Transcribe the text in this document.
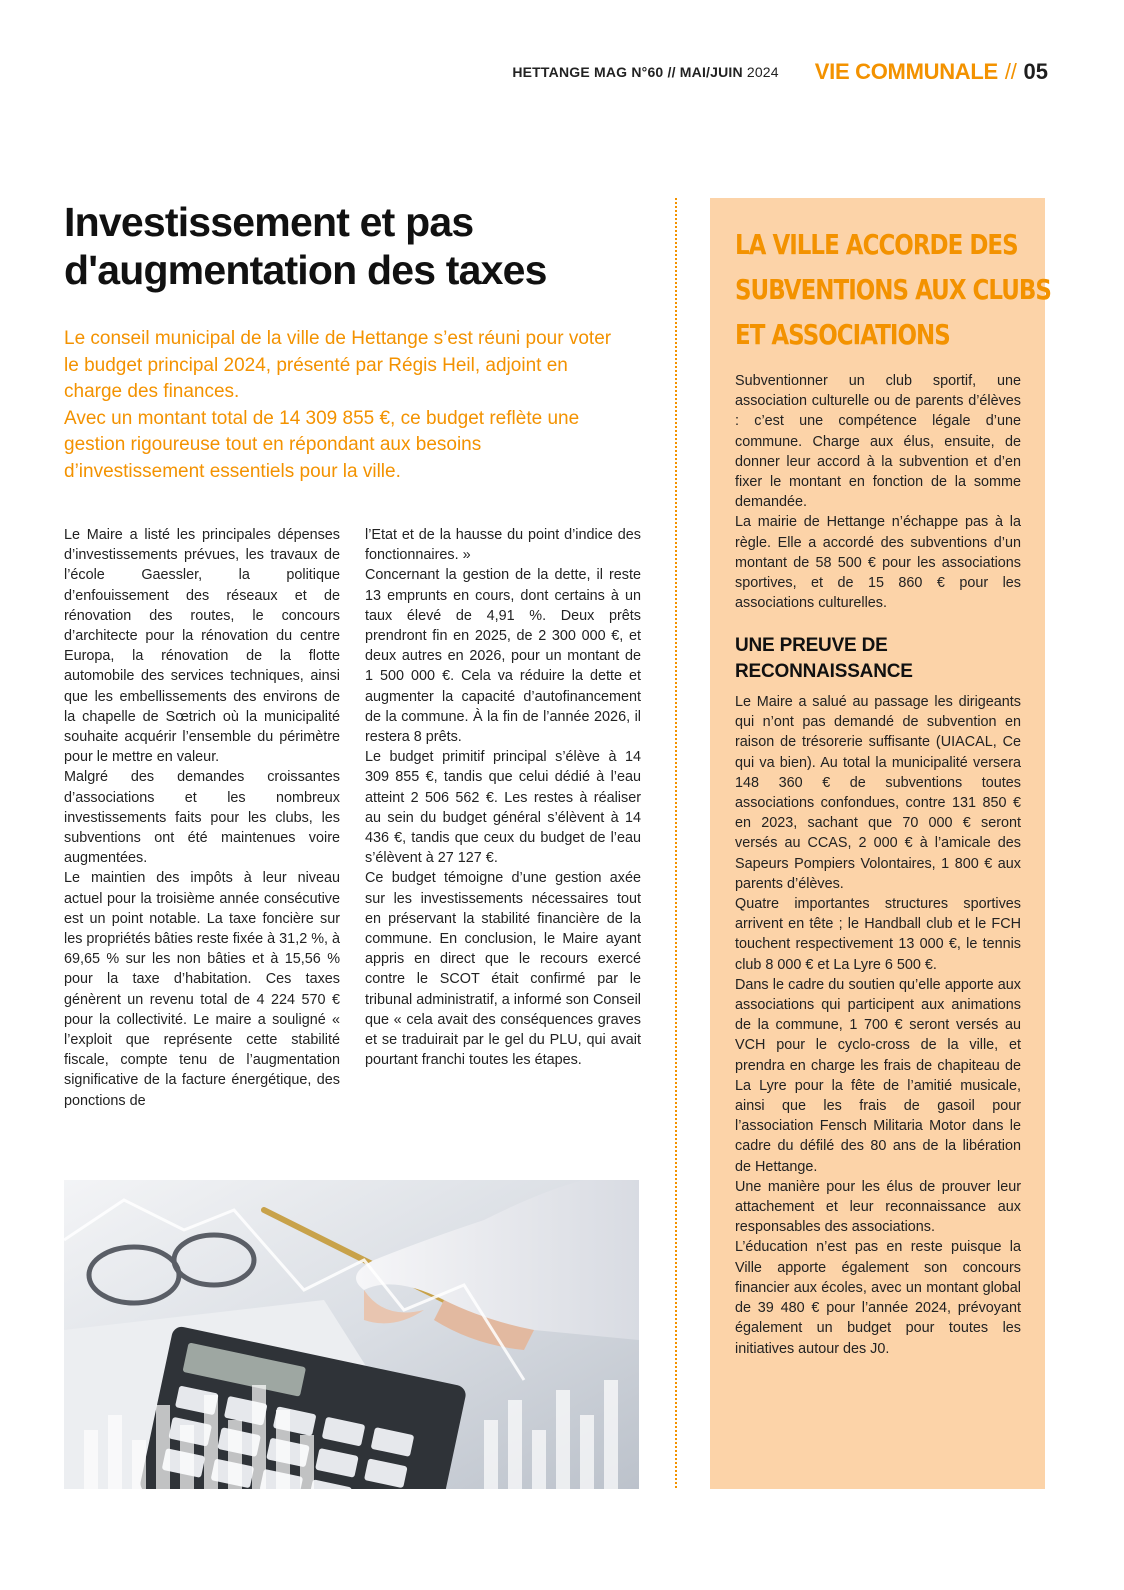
HETTANGE MAG N°60 // MAI/JUIN 2024 VIE COMMUNALE // 05
Investissement et pas d'augmentation des taxes

Le conseil municipal de la ville de Hettange s’est réuni pour voter le budget principal 2024, présenté par Régis Heil, adjoint en charge des finances.

Avec un montant total de 14 309 855 €, ce budget reflète une gestion rigoureuse tout en répondant aux besoins d’investissement essentiels pour la ville.

Le Maire a listé les principales dépenses d’investissements prévues, les travaux de l’école Gaessler, la politique d’enfouissement des réseaux et de rénovation des routes, le concours d’architecte pour la rénovation du centre Europa, la rénovation de la flotte automobile des services techniques, ainsi que les embellissements des environs de la chapelle de Sœtrich où la municipalité souhaite acquérir l’ensemble du périmètre pour le mettre en valeur.

Malgré des demandes croissantes d’associations et les nombreux investissements faits pour les clubs, les subventions ont été maintenues voire augmentées.

Le maintien des impôts à leur niveau actuel pour la troisième année consécutive est un point notable. La taxe foncière sur les propriétés bâties reste fixée à 31,2 %, à 69,65 % sur les non bâties et à 15,56 % pour la taxe d’habitation. Ces taxes génèrent un revenu total de 4 224 570 € pour la collectivité. Le maire a souligné « l’exploit que représente cette stabilité fiscale, compte tenu de l’augmentation significative de la facture énergétique, des ponctions de

l’Etat et de la hausse du point d’indice des fonctionnaires. »

Concernant la gestion de la dette, il reste 13 emprunts en cours, dont certains à un taux élevé de 4,91 %. Deux prêts prendront fin en 2025, de 2 300 000 €, et deux autres en 2026, pour un montant de 1 500 000 €. Cela va réduire la dette et augmenter la capacité d’autofinancement de la commune. À la fin de l’année 2026, il restera 8 prêts.

Le budget primitif principal s’élève à 14 309 855 €, tandis que celui dédié à l’eau atteint 2 506 562 €. Les restes à réaliser au sein du budget général s’élèvent à 14 436 €, tandis que ceux du budget de l’eau s’élèvent à 27 127 €.

Ce budget témoigne d’une gestion axée sur les investissements nécessaires tout en préservant la stabilité financière de la commune. En conclusion, le Maire ayant appris en direct que le recours exercé contre le SCOT était confirmé par le tribunal administratif, a informé son Conseil que « cela avait des conséquences graves et se traduirait par le gel du PLU, qui avait pourtant franchi toutes les étapes.

LA VILLE ACCORDE DES
SUBVENTIONS AUX CLUBS
ET ASSOCIATIONS

Subventionner un club sportif, une association culturelle ou de parents d’élèves : c’est une compétence légale d’une commune. Charge aux élus, ensuite, de donner leur accord à la subvention et d’en fixer le montant en fonction de la somme demandée.

La mairie de Hettange n’échappe pas à la règle. Elle a accordé des subventions d’un montant de 58 500 € pour les associations sportives, et de 15 860 € pour les associations culturelles.

UNE PREUVE DE
RECONNAISSANCE

Le Maire a salué au passage les dirigeants qui n’ont pas demandé de subvention en raison de trésorerie suffisante (UIACAL, Ce qui va bien). Au total la municipalité versera 148 360 € de subventions toutes associations confondues, contre 131 850 € en 2023, sachant que 70 000 € seront versés au CCAS, 2 000 € à l’amicale des Sapeurs Pompiers Volontaires, 1 800 € aux parents d’élèves.

Quatre importantes structures sportives arrivent en tête ; le Handball club et le FCH touchent respectivement 13 000 €, le tennis club 8 000 € et La Lyre 6 500 €.

Dans le cadre du soutien qu’elle apporte aux associations qui participent aux animations de la commune, 1 700 € seront versés au VCH pour le cyclo-cross de la ville, et prendra en charge les frais de chapiteau de La Lyre pour la fête de l’amitié musicale, ainsi que les frais de gasoil pour l’association Fensch Militaria Motor dans le cadre du défilé des 80 ans de la libération de Hettange.

Une manière pour les élus de prouver leur attachement et leur reconnaissance aux responsables des associations.

L’éducation n’est pas en reste puisque la Ville apporte également son concours financier aux écoles, avec un montant global de 39 480 € pour l’année 2024, prévoyant également un budget pour toutes les initiatives autour des J0.
